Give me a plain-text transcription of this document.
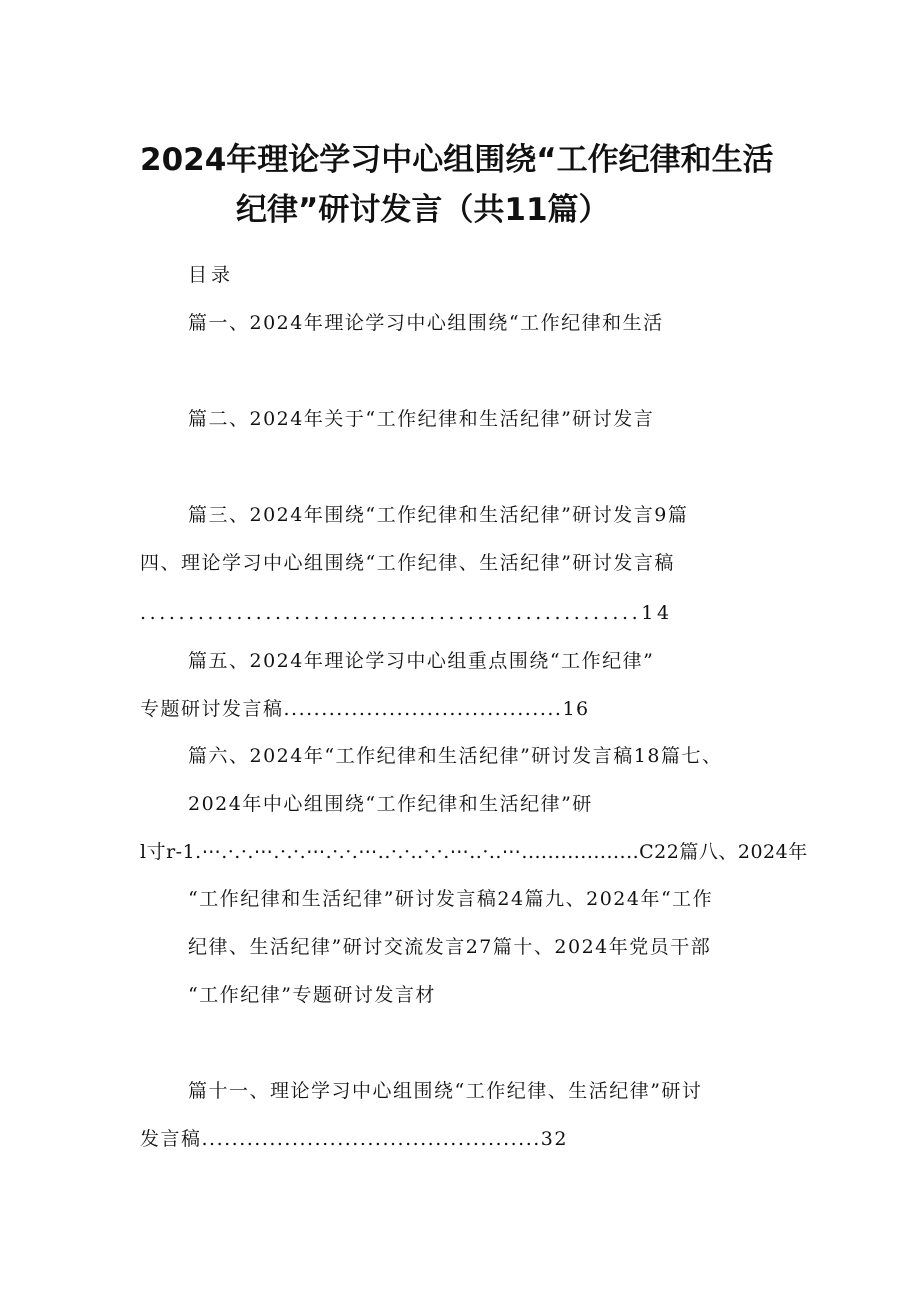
2024年理论学习中心组围绕“工作纪律和生活
纪律”研讨发言（共11篇）
目录
篇一、2024年理论学习中心组围绕“工作纪律和生活
篇二、2024年关于“工作纪律和生活纪律”研讨发言
篇三、2024年围绕“工作纪律和生活纪律”研讨发言9篇
四、理论学习中心组围绕“工作纪律、生活纪律”研讨发言稿
....................................................14
篇五、2024年理论学习中心组重点围绕“工作纪律”
专题研讨发言稿.....................................16
篇六、2024年“工作纪律和生活纪律”研讨发言稿18篇七、
2024年中心组围绕“工作纪律和生活纪律”研
l寸r-1.⋯.·.·.⋯.·.·.⋯.·.·.⋯..·.·..·.·.⋯..·..⋯..................C22篇八、2024年
“工作纪律和生活纪律”研讨发言稿24篇九、2024年“工作
纪律、生活纪律”研讨交流发言27篇十、2024年党员干部
“工作纪律”专题研讨发言材
篇十一、理论学习中心组围绕“工作纪律、生活纪律”研讨
发言稿.............................................32
